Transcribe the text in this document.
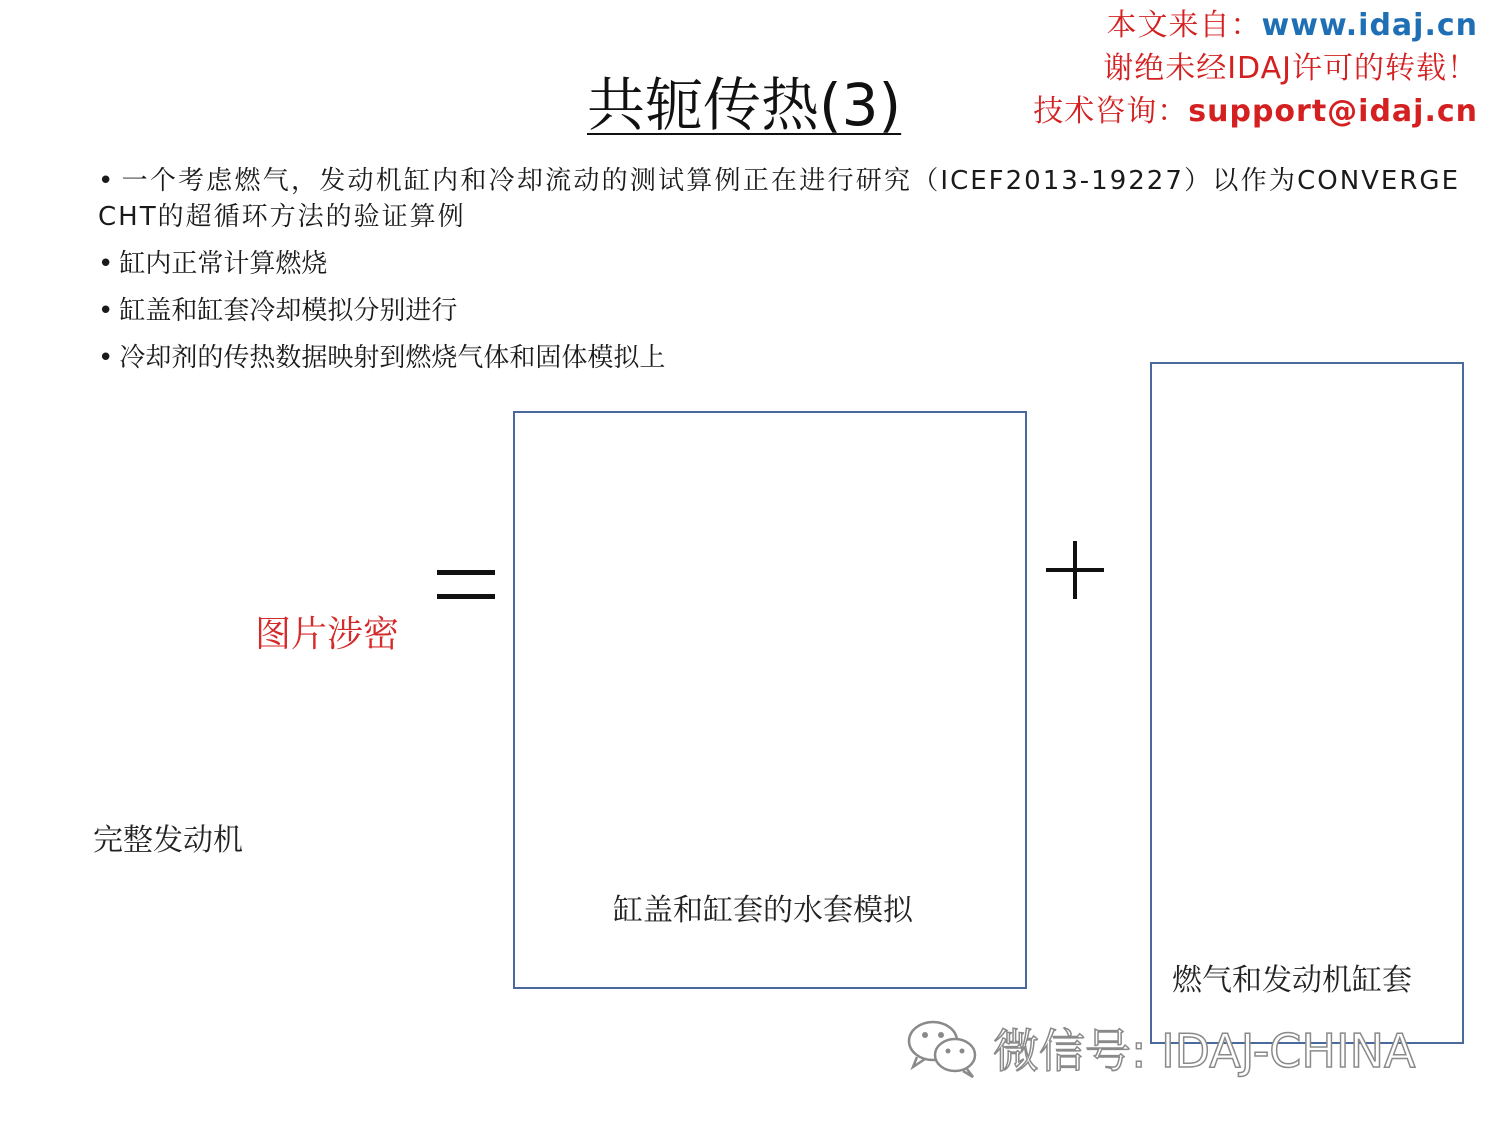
本文来自：www.idaj.cn
谢绝未经IDAJ许可的转载！
技术咨询：support@idaj.cn
共轭传热(3)
• 一个考虑燃气，发动机缸内和冷却流动的测试算例正在进行研究（ICEF2013-19227）以作为CONVERGE CHT的超循环方法的验证算例
• 缸内正常计算燃烧
• 缸盖和缸套冷却模拟分别进行
• 冷却剂的传热数据映射到燃烧气体和固体模拟上
图片涉密
完整发动机
缸盖和缸套的水套模拟
燃气和发动机缸套
微信号: IDAJ-CHINA
